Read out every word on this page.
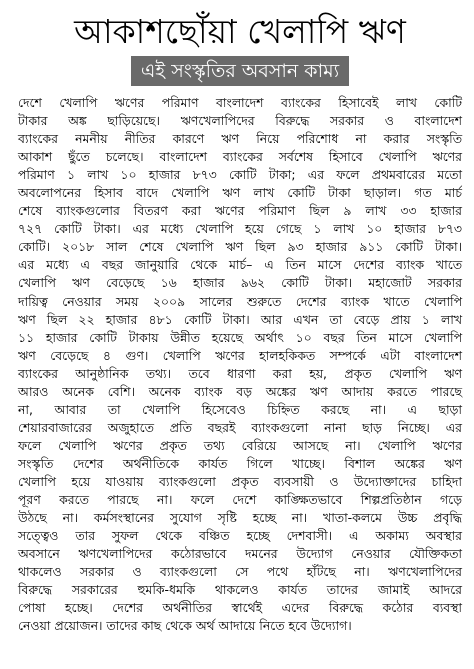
আকাশছোঁয়া খেলাপি ঋণ
এই সংস্কৃতির অবসান কাম্য
দেশে খেলাপি ঋণের পরিমাণ বাংলাদেশ ব্যাংকের হিসাবেই লাখ কোটি
টাকার অঙ্ক ছাড়িয়েছে। ঋণখেলাপিদের বিরুদ্ধে সরকার ও বাংলাদেশ
ব্যাংকের নমনীয় নীতির কারণে ঋণ নিয়ে পরিশোধ না করার সংস্কৃতি
আকাশ ছুঁতে চলেছে। বাংলাদেশ ব্যাংকের সর্বশেষ হিসাবে খেলাপি ঋণের
পরিমাণ ১ লাখ ১০ হাজার ৮৭৩ কোটি টাকা; এর ফলে প্রথমবারের মতো
অবলোপনের হিসাব বাদে খেলাপি ঋণ লাখ কোটি টাকা ছাড়াল। গত মার্চ
শেষে ব্যাংকগুলোর বিতরণ করা ঋণের পরিমাণ ছিল ৯ লাখ ৩৩ হাজার
৭২৭ কোটি টাকা। এর মধ্যে খেলাপি হয়ে গেছে ১ লাখ ১০ হাজার ৮৭৩
কোটি। ২০১৮ সাল শেষে খেলাপি ঋণ ছিল ৯৩ হাজার ৯১১ কোটি টাকা।
এর মধ্যে এ বছর জানুয়ারি থেকে মার্চ– এ তিন মাসে দেশের ব্যাংক খাতে
খেলাপি ঋণ বেড়েছে ১৬ হাজার ৯৬২ কোটি টাকা। মহাজোট সরকার
দায়িত্ব নেওয়ার সময় ২০০৯ সালের শুরুতে দেশের ব্যাংক খাতে খেলাপি
ঋণ ছিল ২২ হাজার ৪৮১ কোটি টাকা। আর এখন তা বেড়ে প্রায় ১ লাখ
১১ হাজার কোটি টাকায় উন্নীত হয়েছে অর্থাৎ ১০ বছর তিন মাসে খেলাপি
ঋণ বেড়েছে ৪ গুণ। খেলাপি ঋণের হালহকিকত সম্পর্কে এটা বাংলাদেশ
ব্যাংকের আনুষ্ঠানিক তথ্য। তবে ধারণা করা হয়, প্রকৃত খেলাপি ঋণ
আরও অনেক বেশি। অনেক ব্যাংক বড় অঙ্কের ঋণ আদায় করতে পারছে
না, আবার তা খেলাপি হিসেবেও চিহ্নিত করছে না। এ ছাড়া
শেয়ারবাজারের অজুহাতে প্রতি বছরই ব্যাংকগুলো নানা ছাড় নিচ্ছে। এর
ফলে খেলাপি ঋণের প্রকৃত তথ্য বেরিয়ে আসছে না। খেলাপি ঋণের
সংস্কৃতি দেশের অর্থনীতিকে কার্যত গিলে খাচ্ছে। বিশাল অঙ্কের ঋণ
খেলাপি হয়ে যাওয়ায় ব্যাংকগুলো প্রকৃত ব্যবসায়ী ও উদ্যোক্তাদের চাহিদা
পূরণ করতে পারছে না। ফলে দেশে কাঙ্ক্ষিতভাবে শিল্পপ্রতিষ্ঠান গড়ে
উঠছে না। কর্মসংস্থানের সুযোগ সৃষ্টি হচ্ছে না। খাতা-কলমে উচ্চ প্রবৃদ্ধি
সত্ত্বেও তার সুফল থেকে বঞ্চিত হচ্ছে দেশবাসী। এ অকাম্য অবস্থার
অবসানে ঋণখেলাপিদের কঠোরভাবে দমনের উদ্যোগ নেওয়ার যৌক্তিকতা
থাকলেও সরকার ও ব্যাংকগুলো সে পথে হাঁটছে না। ঋণখেলাপিদের
বিরুদ্ধে সরকারের হুমকি-ধমকি থাকলেও কার্যত তাদের জামাই আদরে
পোষা হচ্ছে। দেশের অর্থনীতির স্বার্থেই এদের বিরুদ্ধে কঠোর ব্যবস্থা
নেওয়া প্রয়োজন। তাদের কাছ থেকে অর্থ আদায়ে নিতে হবে উদ্যোগ।
